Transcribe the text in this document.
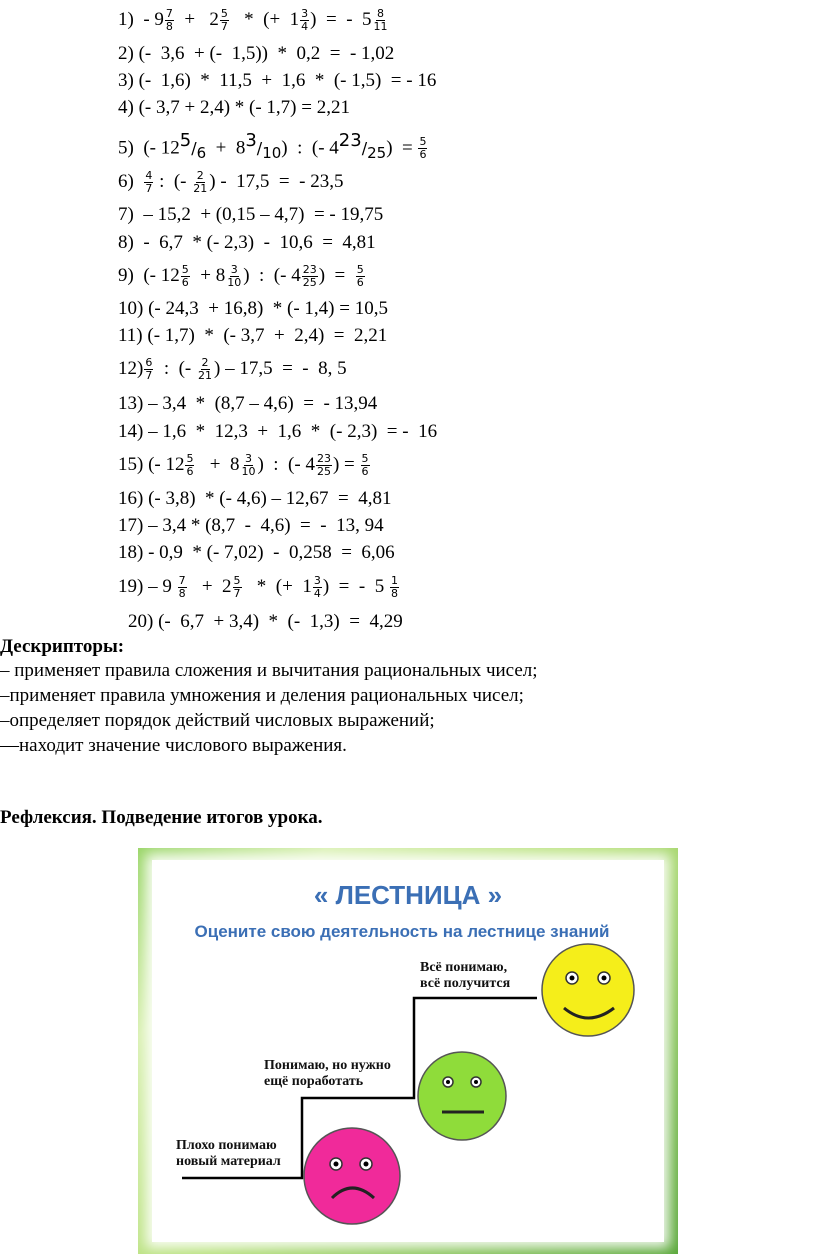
$1) - 9 \frac{7}{8} + 2 \frac{5}{7}$ *  (+  $1 \frac{3}{4}$ )  =  -  $5 \frac{8}{11}$
2) (-  3,6  + (-  1,5))  *  0,2  =  - 1,02
3) (-  1,6)  *  11,5  +  1,6  *  (- 1,5)  = - 16
4) (- 3,7 + 2,4) * (- 1,7) = 2,21
5)  (- $125/_6 + 83/_{10}$)  :  (- $423/_{25}) = \frac{5}{6}$
$6) \frac{4}{7}$ :  (- $\frac{2}{21}$ ) -  17,5  =  - 23,5
7) – 15,2  + (0,15 – 4,7)  = - 19,75
8) -  6,7  * (- 2,3)  -  10,6  =  4,81
9)  (- $12 \frac{5}{6} + 8 \frac{3}{10}$ )  :  (- $4 \frac{23}{25}$ )  = $\frac{5}{6}$
10) (- 24,3  + 16,8)  * (- 1,4) = 10,5
11) (- 1,7)  *  (- 3,7  +  2,4)  =  2,21
$12) \frac{6}{7}$ :  (- $\frac{2}{21}$ ) – 17,5  =  -  8, 5
13) – 3,4  *  (8,7 – 4,6)  =  - 13,94
14) – 1,6  *  12,3  +  1,6  *  (- 2,3)  = -  16
15) (- $12 \frac{5}{6} + 8 \frac{3}{10}$ )  :  (- $4 \frac{23}{25}$ ) = $\frac{5}{6}$
16) (- 3,8)  * (- 4,6) – 12,67  =  4,81
17) – 3,4 * (8,7  -  4,6)  =  -  13, 94
18) - 0,9  * (- 7,02)  -  0,258  =  6,06
$19) - 9 \frac{7}{8} + 2 \frac{5}{7}$ *  (+  $1 \frac{3}{4}$ )  =  -  $5 \frac{1}{8}$
20) (-  6,7  + 3,4)  *  (-  1,3)  =  4,29
Дескрипторы:
– применяет правила сложения и вычитания рациональных чисел;
–применяет правила умножения и деления рациональных чисел;
–определяет порядок действий числовых выражений;
—находит значение числового выражения.
Рефлексия. Подведение итогов урока.
« ЛЕСТНИЦА »
Оцените свою деятельность на лестнице знаний
Всё понимаю,
всё получится
Понимаю, но нужно
ещё поработать
Плохо понимаю
новый материал
